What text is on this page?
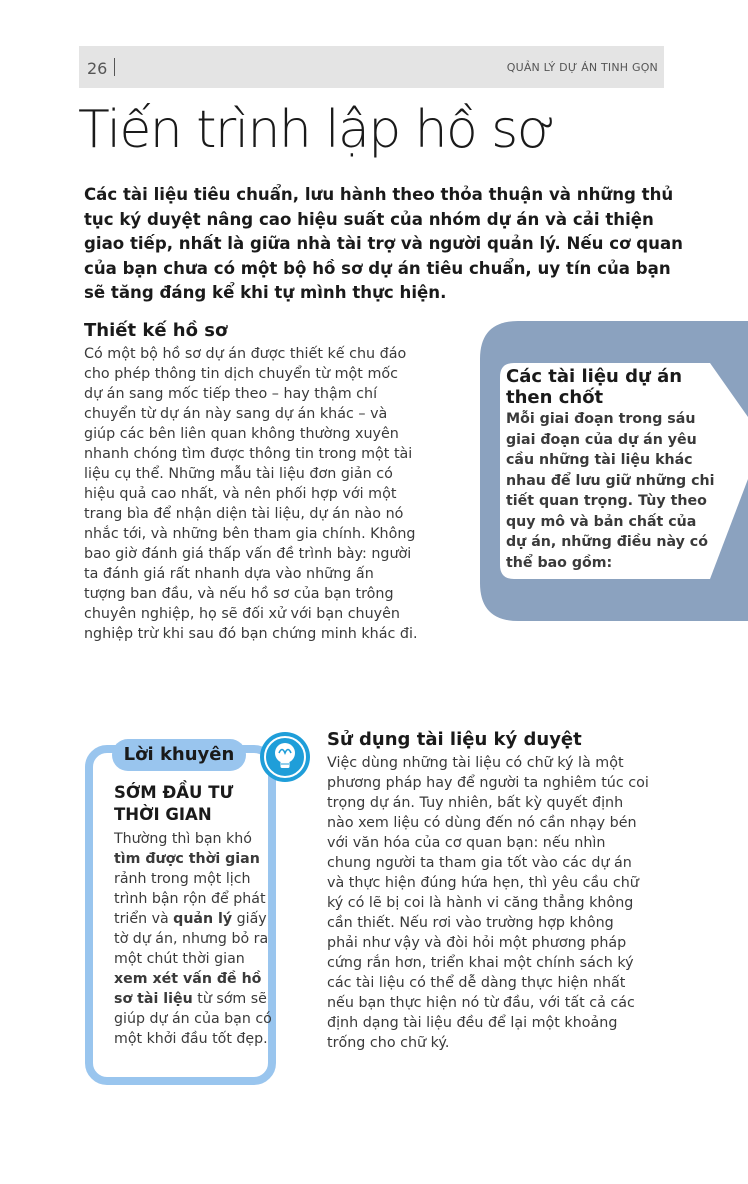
26	QUẢN LÝ DỰ ÁN TINH GỌN
Tiến trình lập hồ sơ

Các tài liệu tiêu chuẩn, lưu hành theo thỏa thuận và những thủ tục ký duyệt nâng cao hiệu suất của nhóm dự án và cải thiện giao tiếp, nhất là giữa nhà tài trợ và người quản lý. Nếu cơ quan của bạn chưa có một bộ hồ sơ dự án tiêu chuẩn, uy tín của bạn sẽ tăng đáng kể khi tự mình thực hiện.

Thiết kế hồ sơ

Có một bộ hồ sơ dự án được thiết kế chu đáo cho phép thông tin dịch chuyển từ một mốc dự án sang mốc tiếp theo – hay thậm chí chuyển từ dự án này sang dự án khác – và giúp các bên liên quan không thường xuyên nhanh chóng tìm được thông tin trong một tài liệu cụ thể. Những mẫu tài liệu đơn giản có hiệu quả cao nhất, và nên phối hợp với một trang bìa để nhận diện tài liệu, dự án nào nó nhắc tới, và những bên tham gia chính. Không bao giờ đánh giá thấp vấn đề trình bày: người ta đánh giá rất nhanh dựa vào những ấn tượng ban đầu, và nếu hồ sơ của bạn trông chuyên nghiệp, họ sẽ đối xử với bạn chuyên nghiệp trừ khi sau đó bạn chứng minh khác đi.

Các tài liệu dự án then chốt

Mỗi giai đoạn trong sáu giai đoạn của dự án yêu cầu những tài liệu khác nhau để lưu giữ những chi tiết quan trọng. Tùy theo quy mô và bản chất của dự án, những điều này có thể bao gồm:

Lời khuyên
SỚM ĐẦU TƯ
THỜI GIAN

Thường thì bạn khó tìm được thời gian rảnh trong một lịch trình bận rộn để phát triển và quản lý giấy tờ dự án, nhưng bỏ ra một chút thời gian xem xét vấn đề hồ sơ tài liệu từ sớm sẽ giúp dự án của bạn có một khởi đầu tốt đẹp.

Sử dụng tài liệu ký duyệt

Việc dùng những tài liệu có chữ ký là một phương pháp hay để người ta nghiêm túc coi trọng dự án. Tuy nhiên, bất kỳ quyết định nào xem liệu có dùng đến nó cần nhạy bén với văn hóa của cơ quan bạn: nếu nhìn chung người ta tham gia tốt vào các dự án và thực hiện đúng hứa hẹn, thì yêu cầu chữ ký có lẽ bị coi là hành vi căng thẳng không cần thiết. Nếu rơi vào trường hợp không phải như vậy và đòi hỏi một phương pháp cứng rắn hơn, triển khai một chính sách ký các tài liệu có thể dễ dàng thực hiện nhất nếu bạn thực hiện nó từ đầu, với tất cả các định dạng tài liệu đều để lại một khoảng trống cho chữ ký.
